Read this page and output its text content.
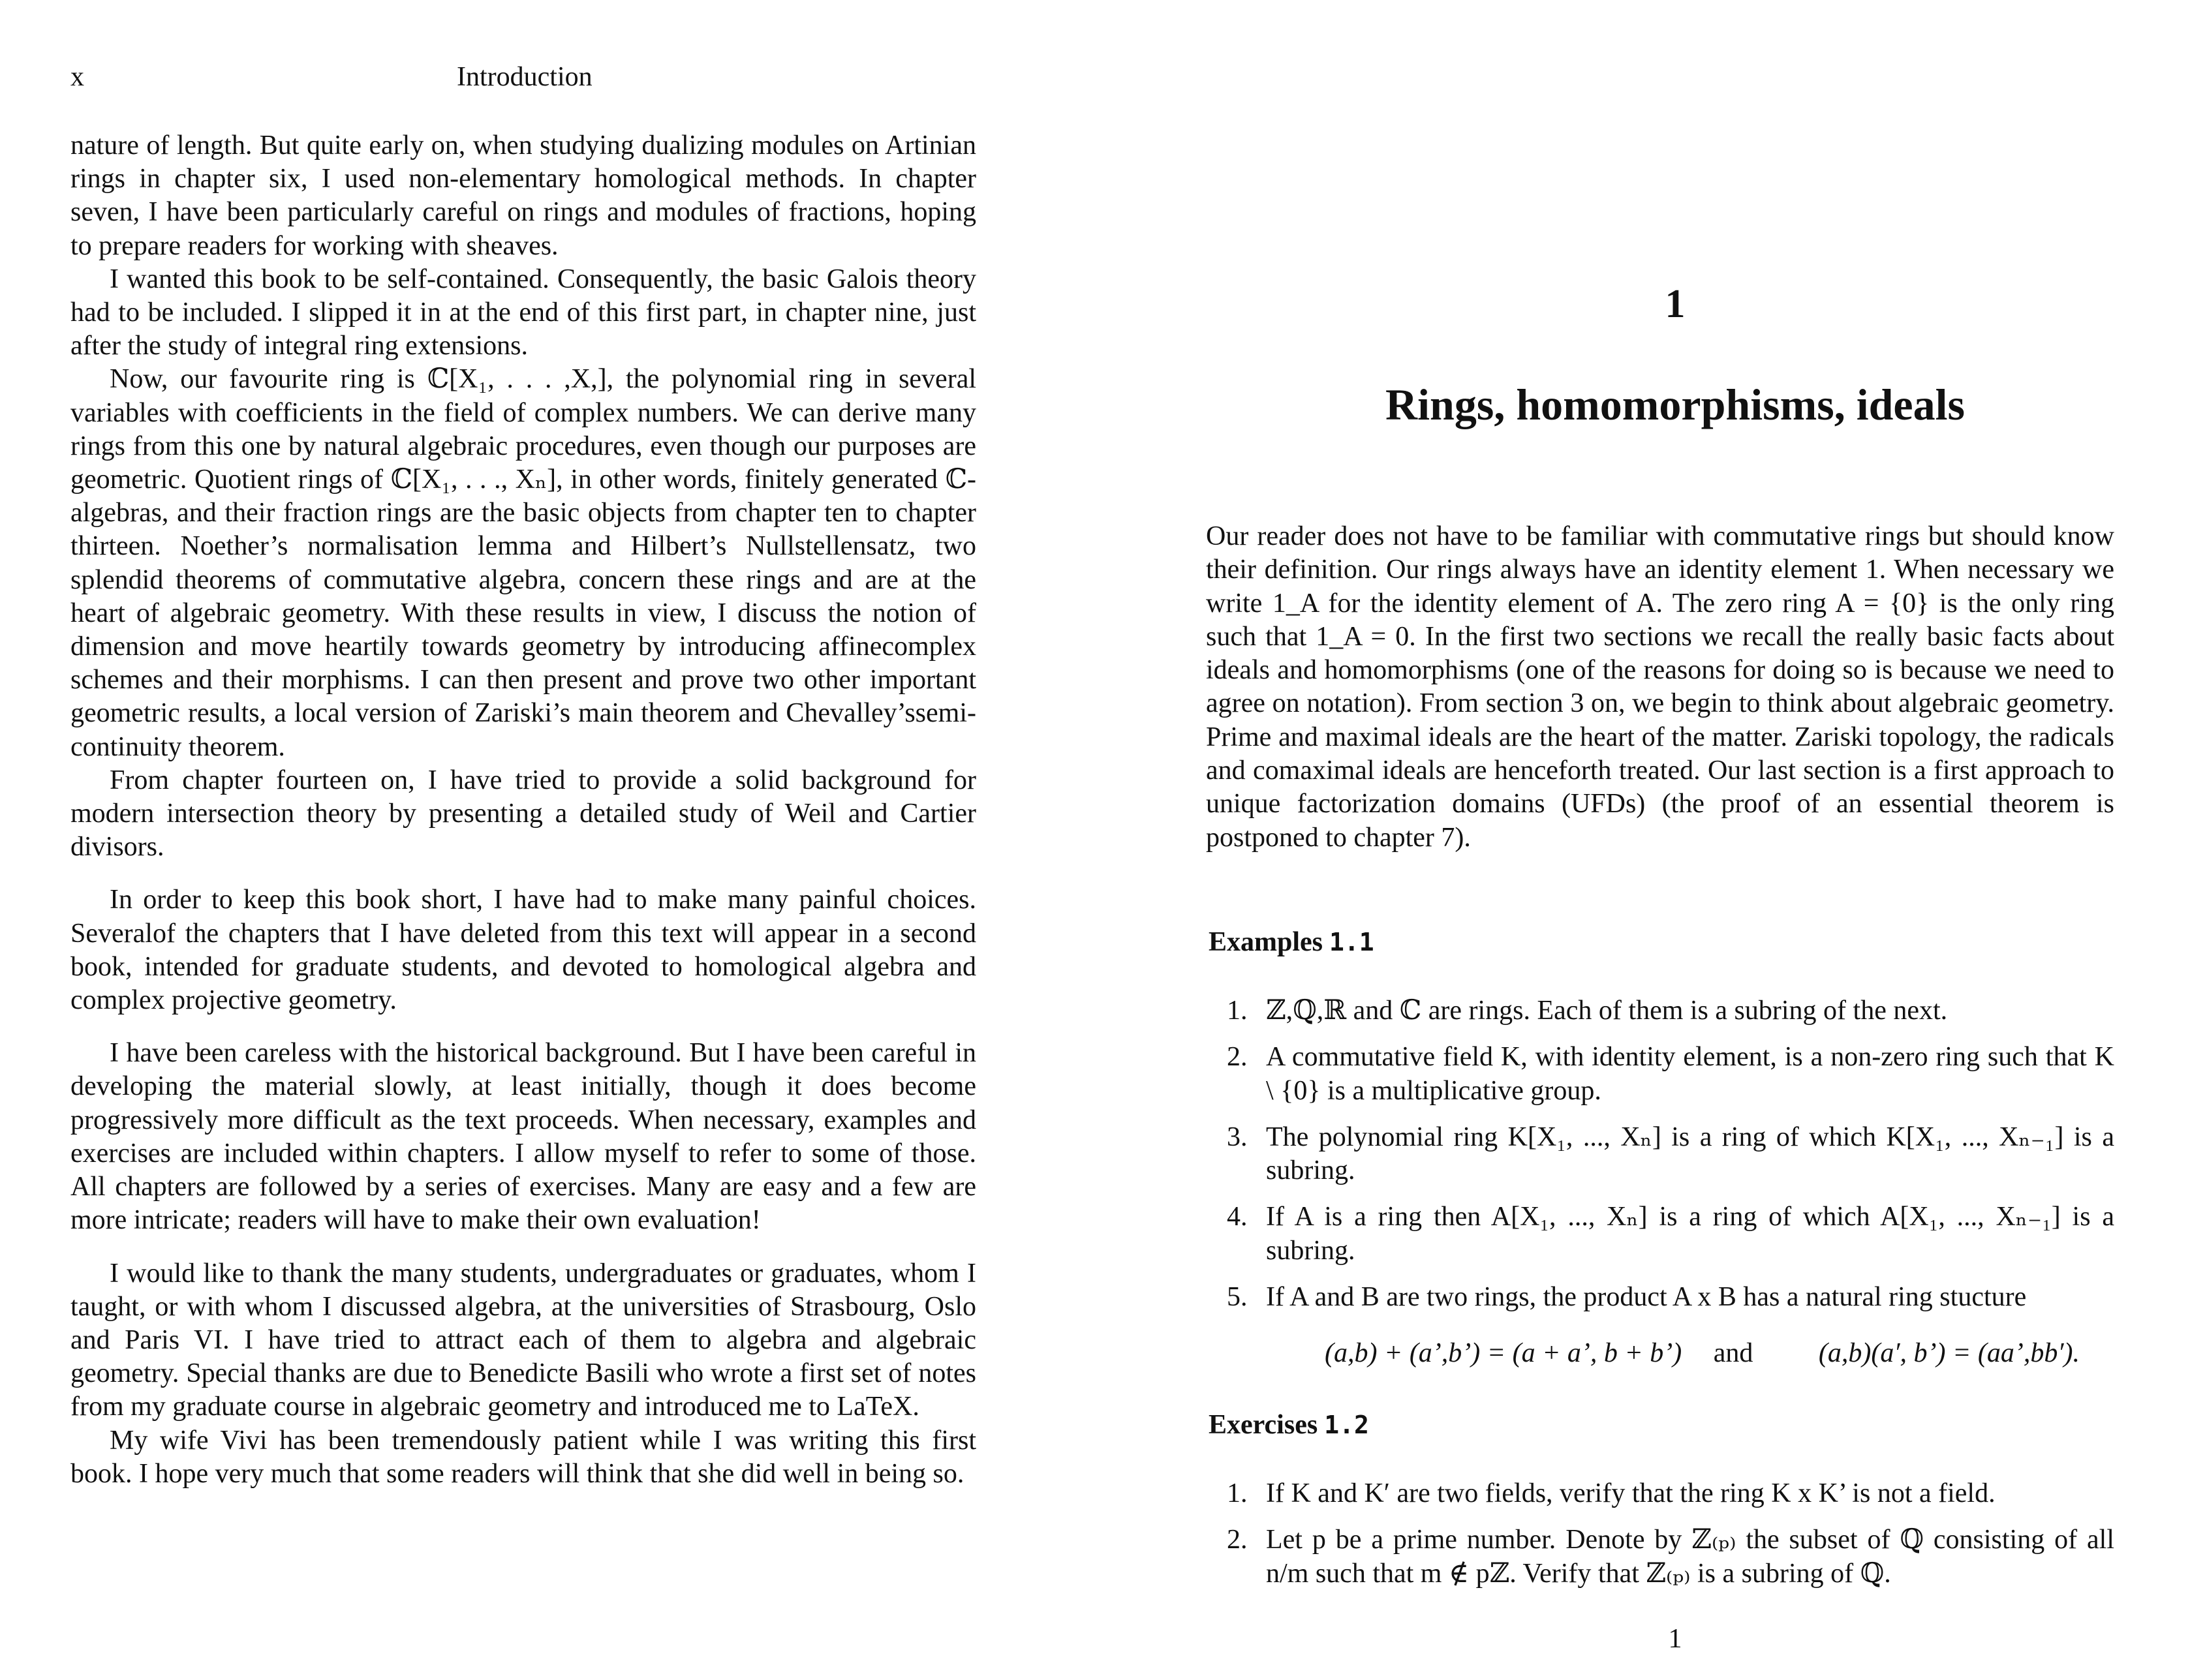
x	Introduction

nature of length. But quite early on, when studying dualizing modules on Artinian rings in chapter six, I used non-elementary homological methods. In chapter seven, I have been particularly careful on rings and modules of fractions, hoping to prepare readers for working with sheaves.

I wanted this book to be self-contained. Consequently, the basic Galois theory had to be included. I slipped it in at the end of this first part, in chapter nine, just after the study of integral ring extensions.

Now, our favourite ring is ℂ[X₁, . . . ,X,], the polynomial ring in several variables with coefficients in the field of complex numbers. We can derive many rings from this one by natural algebraic procedures, even though our purposes are geometric. Quotient rings of ℂ[X₁, . . ., Xₙ], in other words, finitely generated ℂ-algebras, and their fraction rings are the basic objects from chapter ten to chapter thirteen. Noether’s normalisation lemma and Hilbert’s Nullstellensatz, two splendid theorems of commutative algebra, concern these rings and are at the heart of algebraic geometry. With these results in view, I discuss the notion of dimension and move heartily towards geometry by introducing affinecomplex schemes and their morphisms. I can then present and prove two other important geometric results, a local version of Zariski’s main theorem and Chevalley’ssemi-continuity theorem.

From chapter fourteen on, I have tried to provide a solid background for modern intersection theory by presenting a detailed study of Weil and Cartier divisors.

In order to keep this book short, I have had to make many painful choices. Severalof the chapters that I have deleted from this text will appear in a second book, intended for graduate students, and devoted to homological algebra and complex projective geometry.

I have been careless with the historical background. But I have been careful in developing the material slowly, at least initially, though it does become progressively more difficult as the text proceeds. When necessary, examples and exercises are included within chapters. I allow myself to refer to some of those. All chapters are followed by a series of exercises. Many are easy and a few are more intricate; readers will have to make their own evaluation!

I would like to thank the many students, undergraduates or graduates, whom I taught, or with whom I discussed algebra, at the universities of Strasbourg, Oslo and Paris VI. I have tried to attract each of them to algebra and algebraic geometry. Special thanks are due to Benedicte Basili who wrote a first set of notes from my graduate course in algebraic geometry and introduced me to LaTeX.

My wife Vivi has been tremendously patient while I was writing this first book. I hope very much that some readers will think that she did well in being so.

1
Rings, homomorphisms, ideals

Our reader does not have to be familiar with commutative rings but should know their definition. Our rings always have an identity element 1. When necessary we write 1_A for the identity element of A. The zero ring A = {0} is the only ring such that 1_A = 0. In the first two sections we recall the really basic facts about ideals and homomorphisms (one of the reasons for doing so is because we need to agree on notation). From section 3 on, we begin to think about algebraic geometry. Prime and maximal ideals are the heart of the matter. Zariski topology, the radicals and comaximal ideals are henceforth treated. Our last section is a first approach to unique factorization domains (UFDs) (the proof of an essential theorem is postponed to chapter 7).

Examples 1.1
1. ℤ,ℚ,ℝ and ℂ are rings. Each of them is a subring of the next.
2. A commutative field K, with identity element, is a non-zero ring such that K \ {0} is a multiplicative group.
3. The polynomial ring K[X₁, ..., Xₙ] is a ring of which K[X₁, ..., Xₙ₋₁] is a subring.
4. If A is a ring then A[X₁, ..., Xₙ] is a ring of which A[X₁, ..., Xₙ₋₁] is a subring.
5. If A and B are two rings, the product A x B has a natural ring stucture
(a,b) + (a’,b’) = (a + a’, b + b’) and (a,b)(a′, b’) = (aa’,bb′).
Exercises 1.2
1. If K and K′ are two fields, verify that the ring K x K’ is not a field.
2. Let p be a prime number. Denote by ℤ₍ₚ₎ the subset of ℚ consisting of all n/m such that m ∉ pℤ. Verify that ℤ₍ₚ₎ is a subring of ℚ.
1
